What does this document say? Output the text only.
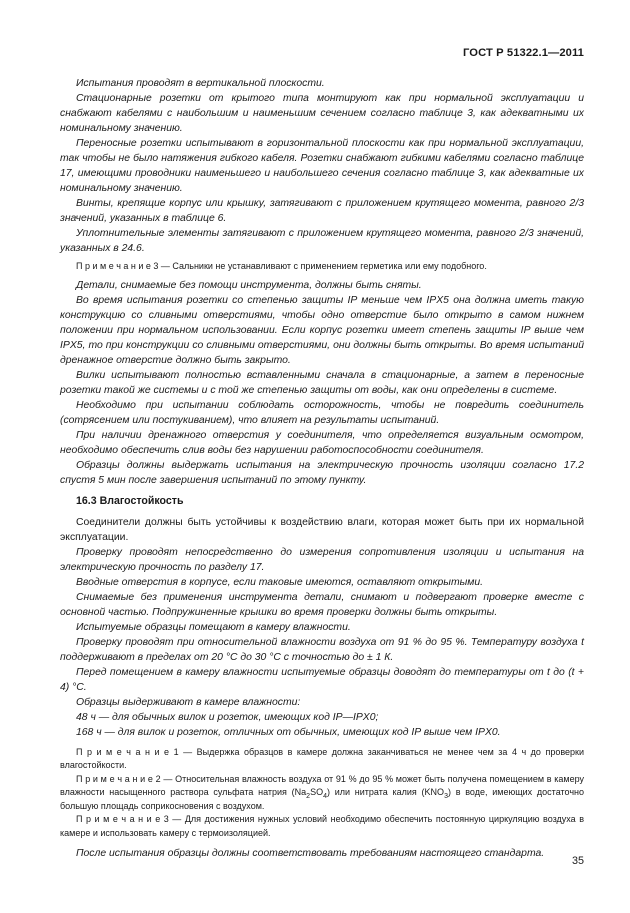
ГОСТ Р 51322.1—2011

Испытания проводят в вертикальной плоскости.

Стационарные розетки от крытого типа монтируют как при нормальной эксплуатации и снабжают кабелями с наибольшим и наименьшим сечением согласно таблице 3, как адекватными их номинальному значению.

Переносные розетки испытывают в горизонтальной плоскости как при нормальной эксплуатации, так чтобы не было натяжения гибкого кабеля. Розетки снабжают гибкими кабелями согласно таблице 17, имеющими проводники наименьшего и наибольшего сечения согласно таблице 3, как адекватные их номинальному значению.

Винты, крепящие корпус или крышку, затягивают с приложением крутящего момента, равного 2/3 значений, указанных в таблице 6.

Уплотнительные элементы затягивают с приложением крутящего момента, равного 2/3 значений, указанных в 24.6.

П р и м е ч а н и е 3 — Сальники не устанавливают с применением герметика или ему подобного.

Детали, снимаемые без помощи инструмента, должны быть сняты.

Во время испытания розетки со степенью защиты IP меньше чем IPX5 она должна иметь такую конструкцию со сливными отверстиями, чтобы одно отверстие было открыто в самом нижнем положении при нормальном использовании. Если корпус розетки имеет степень защиты IP выше чем IPX5, то при конструкции со сливными отверстиями, они должны быть открыты. Во время испытаний дренажное отверстие должно быть закрыто.

Вилки испытывают полностью вставленными сначала в стационарные, а затем в переносные розетки такой же системы и с той же степенью защиты от воды, как они определены в системе.

Необходимо при испытании соблюдать осторожность, чтобы не повредить соединитель (сотрясением или постукиванием), что влияет на результаты испытаний.

При наличии дренажного отверстия у соединителя, что определяется визуальным осмотром, необходимо обеспечить слив воды без нарушении работоспособности соединителя.

Образцы должны выдержать испытания на электрическую прочность изоляции согласно 17.2 спустя 5 мин после завершения испытаний по этому пункту.

16.3 Влагостойкость

Соединители должны быть устойчивы к воздействию влаги, которая может быть при их нормальной эксплуатации.

Проверку проводят непосредственно до измерения сопротивления изоляции и испытания на электрическую прочность по разделу 17.

Вводные отверстия в корпусе, если таковые имеются, оставляют открытыми.

Снимаемые без применения инструмента детали, снимают и подвергают проверке вместе с основной частью. Подпружиненные крышки во время проверки должны быть открыты.

Испытуемые образцы помещают в камеру влажности.

Проверку проводят при относительной влажности воздуха от 91 % до 95 %. Температуру воздуха t поддерживают в пределах от 20 °C до 30 °C с точностью до ± 1 К.

Перед помещением в камеру влажности испытуемые образцы доводят до температуры от t до (t + 4) °C.

Образцы выдерживают в камере влажности:

48 ч — для обычных вилок и розеток, имеющих код IP—IPX0;

168 ч — для вилок и розеток, отличных от обычных, имеющих код IP выше чем IPX0.

П р и м е ч а н и е 1 — Выдержка образцов в камере должна заканчиваться не менее чем за 4 ч до проверки влагостойкости.

П р и м е ч а н и е 2 — Относительная влажность воздуха от 91 % до 95 % может быть получена помещением в камеру влажности насыщенного раствора сульфата натрия $(Na_2SO_4)$ или нитрата калия $(KNO_3)$ в воде, имеющих достаточно большую площадь соприкосновения с воздухом.

П р и м е ч а н и е 3 — Для достижения нужных условий необходимо обеспечить постоянную циркуляцию воздуха в камере и использовать камеру с термоизоляцией.

После испытания образцы должны соответствовать требованиям настоящего стандарта.

35
